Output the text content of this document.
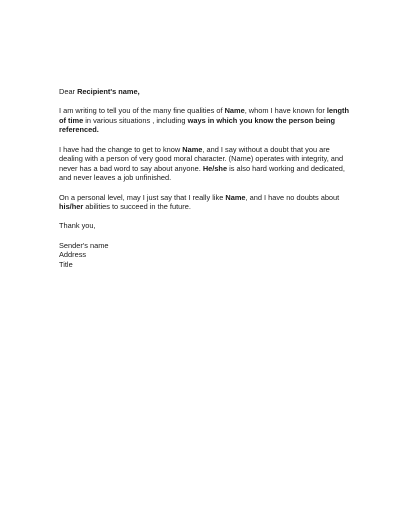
Dear Recipient's name,

I am writing to tell you of the many fine qualities of Name, whom I have known for length of time in various situations , including ways in which you know the person being referenced.

I have had the change to get to know Name, and I say without a doubt that you are dealing with a person of very good moral character. (Name) operates with integrity, and never has a bad word to say about anyone. He/she is also hard working and dedicated, and never leaves a job unfinished.

On a personal level, may I just say that I really like Name, and I have no doubts about his/her abilities to succeed in the future.

Thank you,

Sender's name
Address
Title
